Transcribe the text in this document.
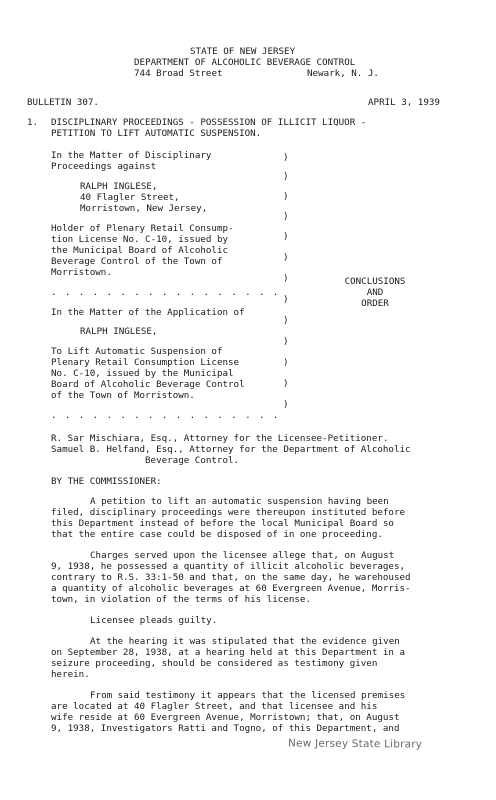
STATE OF NEW JERSEY
DEPARTMENT OF ALCOHOLIC BEVERAGE CONTROL
744 Broad Street	Newark, N. J.
BULLETIN 307.	APRIL 3, 1939
1. DISCIPLINARY PROCEEDINGS - POSSESSION OF ILLICIT LIQUOR -
PETITION TO LIFT AUTOMATIC SUSPENSION.
In the Matter of Disciplinary
Proceedings against
RALPH INGLESE,
40 Flagler Street,
Morristown, New Jersey,
Holder of Plenary Retail Consump-
tion License No. C-10, issued by
the Municipal Board of Alcoholic
Beverage Control of the Town of
Morristown.
. . . . . . . . . . . . . . . . .
In the Matter of the Application of
RALPH INGLESE,
To Lift Automatic Suspension of
Plenary Retail Consumption License
No. C-10, issued by the Municipal
Board of Alcoholic Beverage Control
of the Town of Morristown.
. . . . . . . . . . . . . . . . .
)
)
)
)
)
)
)
)
)
)
)
)
)
CONCLUSIONS
AND
ORDER
R. Sar Mischiara, Esq., Attorney for the Licensee-Petitioner.
Samuel B. Helfand, Esq., Attorney for the Department of Alcoholic
Beverage Control.
BY THE COMMISSIONER:
A petition to lift an automatic suspension having been
filed, disciplinary proceedings were thereupon instituted before
this Department instead of before the local Municipal Board so
that the entire case could be disposed of in one proceeding.
Charges served upon the licensee allege that, on August
9, 1938, he possessed a quantity of illicit alcoholic beverages,
contrary to R.S. 33:1-50 and that, on the same day, he warehoused
a quantity of alcoholic beverages at 60 Evergreen Avenue, Morris-
town, in violation of the terms of his license.
Licensee pleads guilty.
At the hearing it was stipulated that the evidence given
on September 28, 1938, at a hearing held at this Department in a
seizure proceeding, should be considered as testimony given
herein.
From said testimony it appears that the licensed premises
are located at 40 Flagler Street, and that licensee and his
wife reside at 60 Evergreen Avenue, Morristown; that, on August
9, 1938, Investigators Ratti and Togno, of this Department, and
New Jersey State Library
